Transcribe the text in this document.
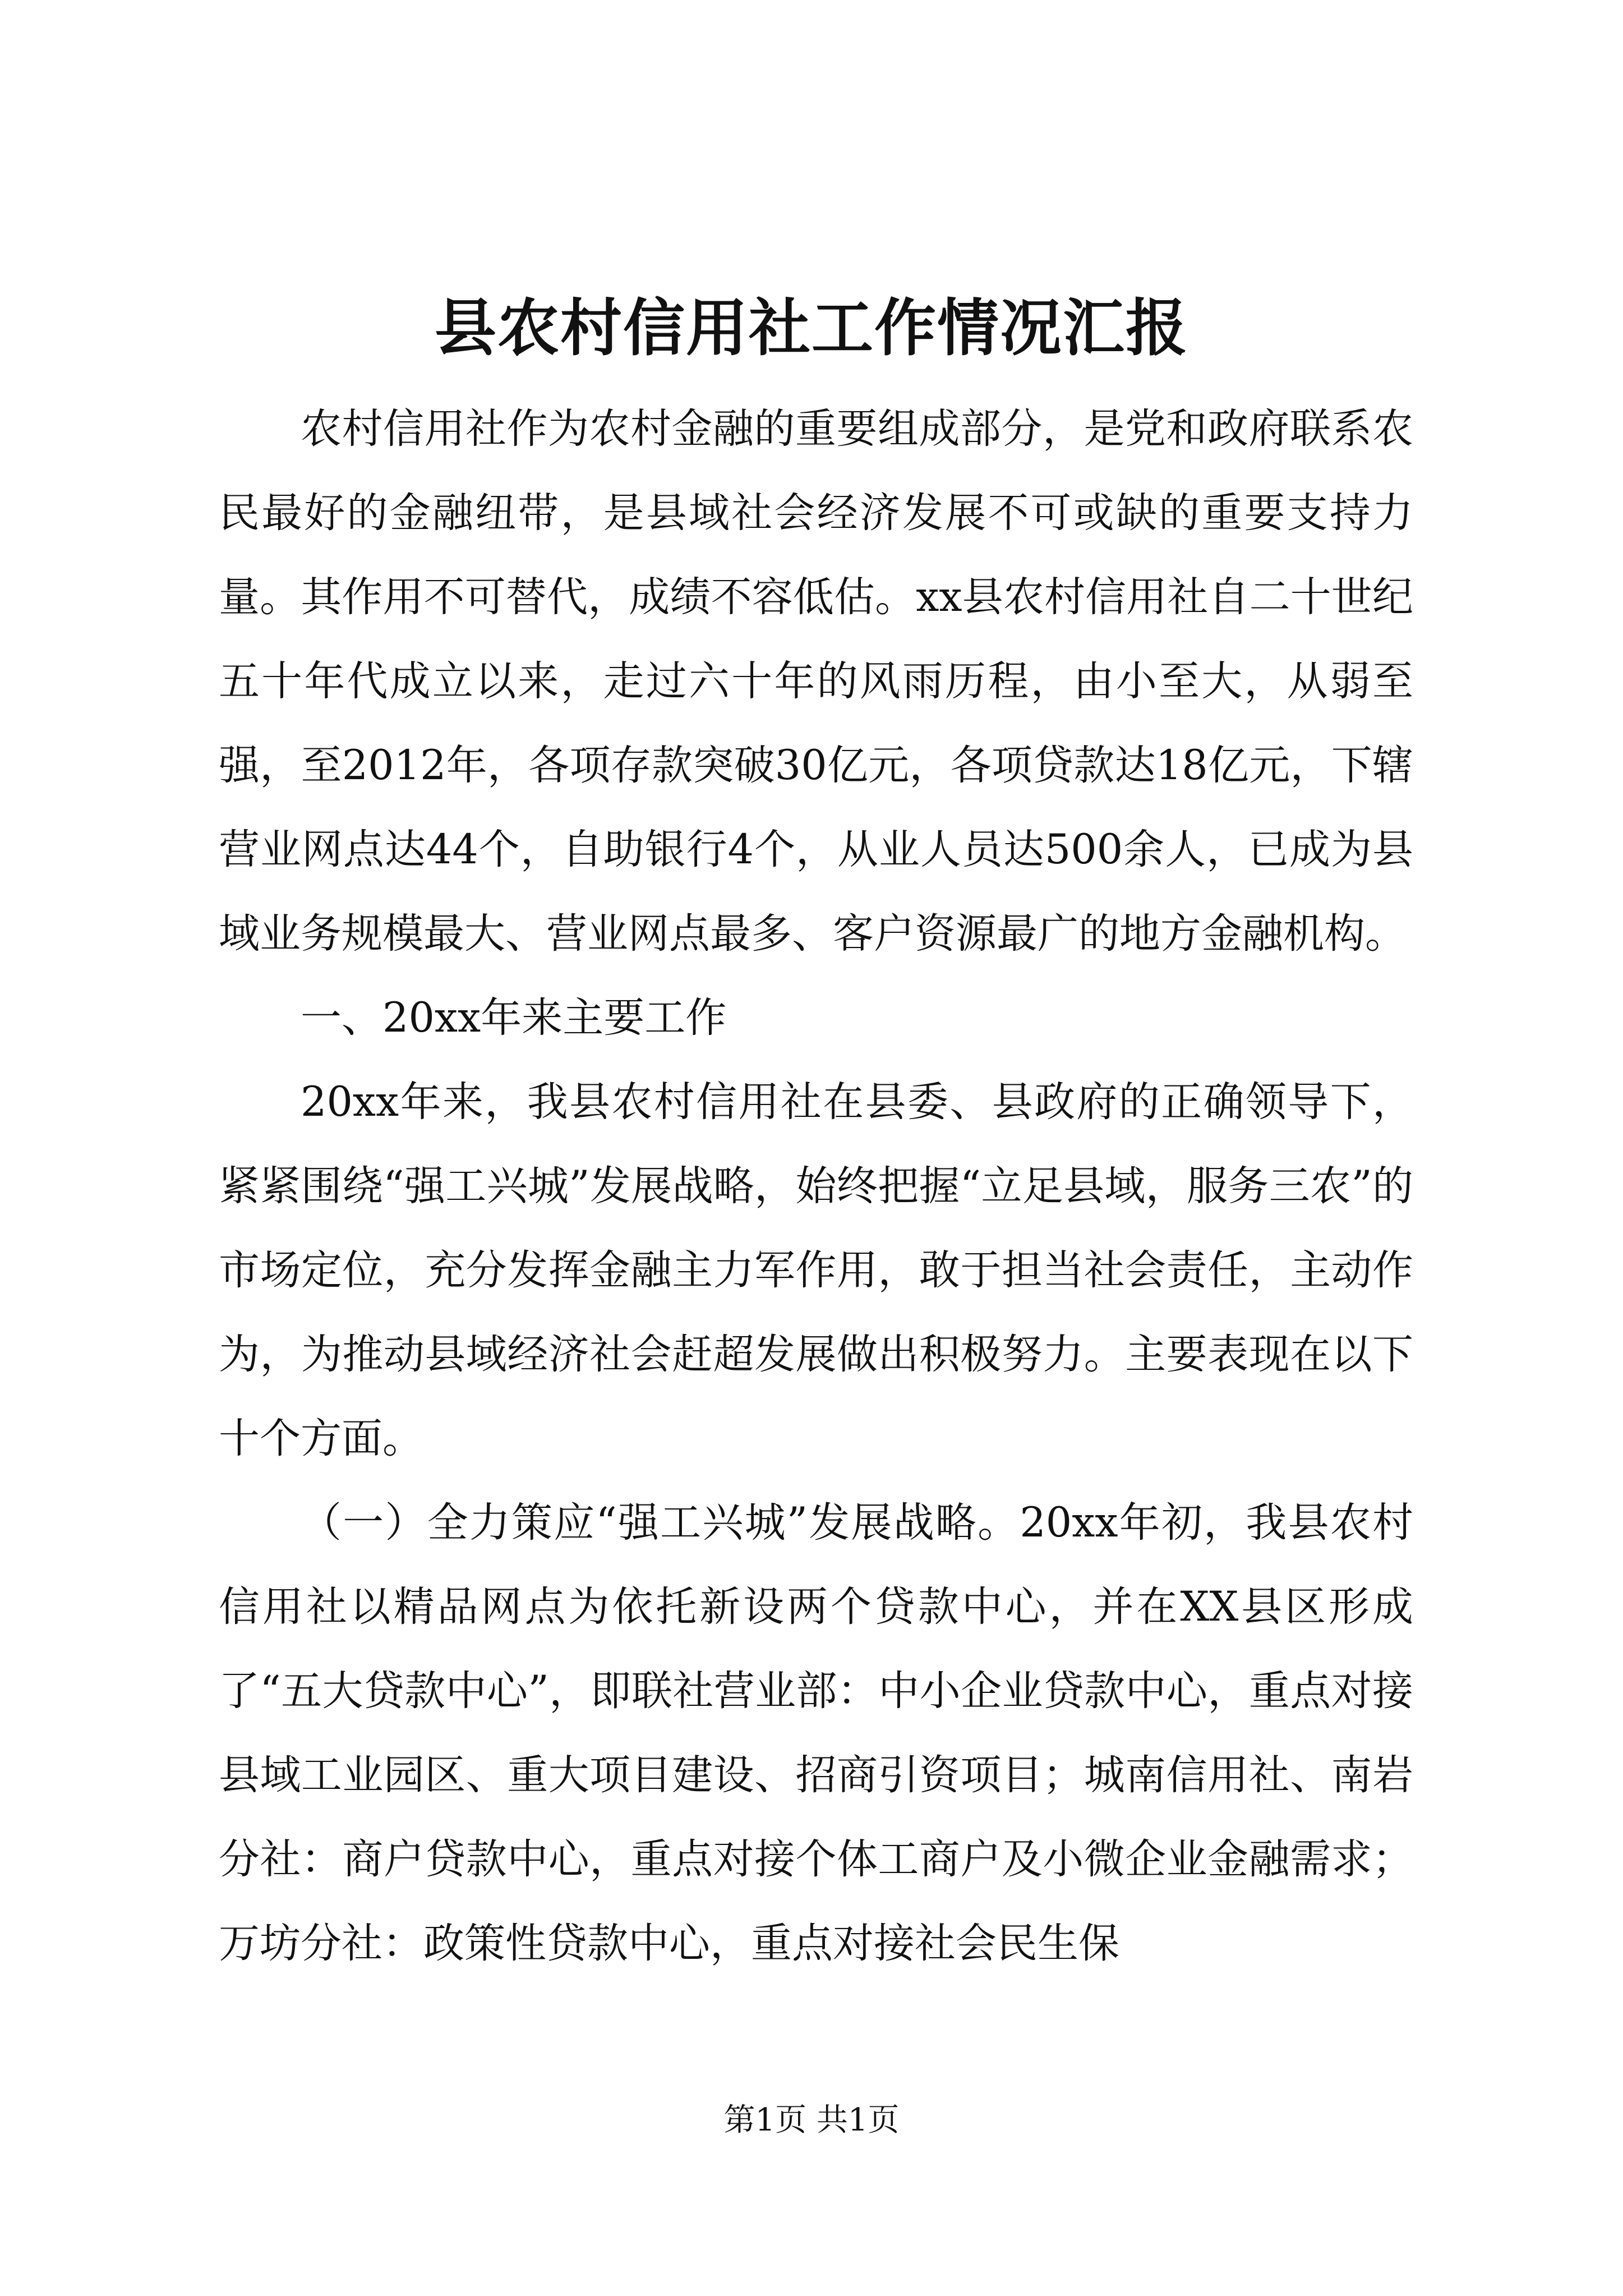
县农村信用社工作情况汇报

农村信用社作为农村金融的重要组成部分，是党和政府联系农民最好的金融纽带，是县域社会经济发展不可或缺的重要支持力量。其作用不可替代，成绩不容低估。xx县农村信用社自二十世纪五十年代成立以来，走过六十年的风雨历程，由小至大，从弱至强，至2012年，各项存款突破30亿元，各项贷款达18亿元，下辖营业网点达44个，自助银行4个，从业人员达500余人，已成为县域业务规模最大、营业网点最多、客户资源最广的地方金融机构。

一、20xx年来主要工作

20xx年来，我县农村信用社在县委、县政府的正确领导下，紧紧围绕“强工兴城”发展战略，始终把握“立足县域，服务三农”的市场定位，充分发挥金融主力军作用，敢于担当社会责任，主动作为，为推动县域经济社会赶超发展做出积极努力。主要表现在以下十个方面。

（一）全力策应“强工兴城”发展战略。20xx年初，我县农村信用社以精品网点为依托新设两个贷款中心，并在XX县区形成了“五大贷款中心”，即联社营业部：中小企业贷款中心，重点对接县域工业园区、重大项目建设、招商引资项目；城南信用社、南岩分社：商户贷款中心，重点对接个体工商户及小微企业金融需求；万坊分社：政策性贷款中心，重点对接社会民生保

第1页 共1页
